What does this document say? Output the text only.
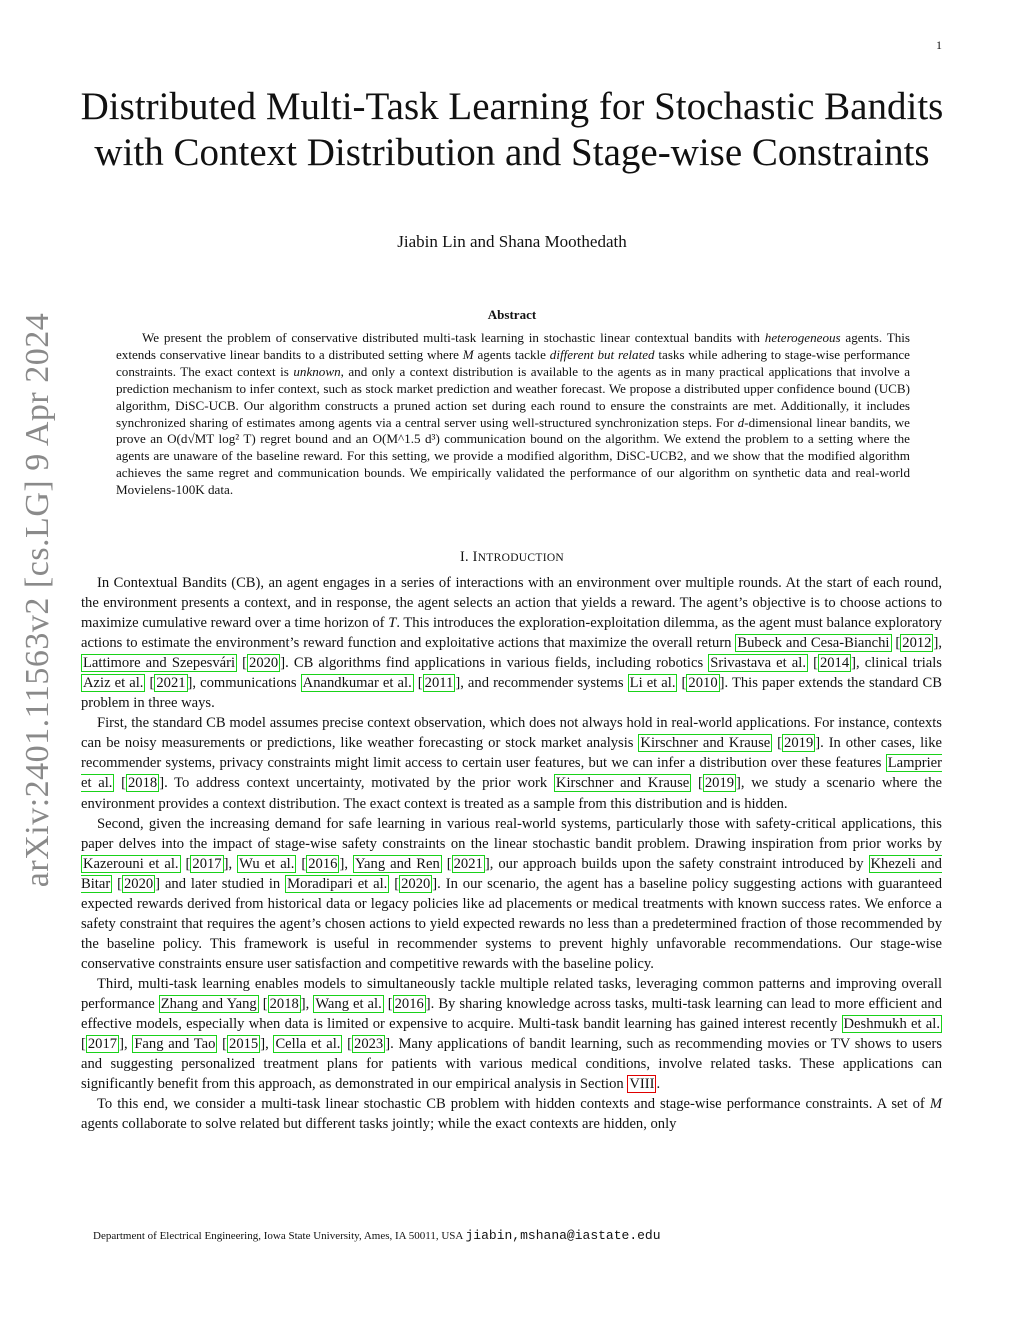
1
arXiv:2401.11563v2 [cs.LG] 9 Apr 2024
Distributed Multi-Task Learning for Stochastic Bandits with Context Distribution and Stage-wise Constraints
Jiabin Lin and Shana Moothedath
Abstract

We present the problem of conservative distributed multi-task learning in stochastic linear contextual bandits with heterogeneous agents. This extends conservative linear bandits to a distributed setting where M agents tackle different but related tasks while adhering to stage-wise performance constraints. The exact context is unknown, and only a context distribution is available to the agents as in many practical applications that involve a prediction mechanism to infer context, such as stock market prediction and weather forecast. We propose a distributed upper confidence bound (UCB) algorithm, DiSC-UCB. Our algorithm constructs a pruned action set during each round to ensure the constraints are met. Additionally, it includes synchronized sharing of estimates among agents via a central server using well-structured synchronization steps. For d-dimensional linear bandits, we prove an O(d√MT log² T) regret bound and an O(M^1.5 d³) communication bound on the algorithm. We extend the problem to a setting where the agents are unaware of the baseline reward. For this setting, we provide a modified algorithm, DiSC-UCB2, and we show that the modified algorithm achieves the same regret and communication bounds. We empirically validated the performance of our algorithm on synthetic data and real-world Movielens-100K data.

I. INTRODUCTION

In Contextual Bandits (CB), an agent engages in a series of interactions with an environment over multiple rounds. At the start of each round, the environment presents a context, and in response, the agent selects an action that yields a reward. The agent’s objective is to choose actions to maximize cumulative reward over a time horizon of T. This introduces the exploration-exploitation dilemma, as the agent must balance exploratory actions to estimate the environment’s reward function and exploitative actions that maximize the overall return Bubeck and Cesa-Bianchi [ 2012 ], Lattimore and Szepesvári [ 2020 ]. CB algorithms find applications in various fields, including robotics Srivastava et al. [ 2014 ], clinical trials Aziz et al. [ 2021 ], communications Anandkumar et al. [ 2011 ], and recommender systems Li et al. [ 2010 ]. This paper extends the standard CB problem in three ways.

First, the standard CB model assumes precise context observation, which does not always hold in real-world applications. For instance, contexts can be noisy measurements or predictions, like weather forecasting or stock market analysis Kirschner and Krause [ 2019 ]. In other cases, like recommender systems, privacy constraints might limit access to certain user features, but we can infer a distribution over these features Lamprier et al. [ 2018 ]. To address context uncertainty, motivated by the prior work Kirschner and Krause [ 2019 ], we study a scenario where the environment provides a context distribution. The exact context is treated as a sample from this distribution and is hidden.

Second, given the increasing demand for safe learning in various real-world systems, particularly those with safety-critical applications, this paper delves into the impact of stage-wise safety constraints on the linear stochastic bandit problem. Drawing inspiration from prior works by Kazerouni et al. [ 2017 ], Wu et al. [ 2016 ], Yang and Ren [ 2021 ], our approach builds upon the safety constraint introduced by Khezeli and Bitar [ 2020 ] and later studied in Moradipari et al. [ 2020 ]. In our scenario, the agent has a baseline policy suggesting actions with guaranteed expected rewards derived from historical data or legacy policies like ad placements or medical treatments with known success rates. We enforce a safety constraint that requires the agent’s chosen actions to yield expected rewards no less than a predetermined fraction of those recommended by the baseline policy. This framework is useful in recommender systems to prevent highly unfavorable recommendations. Our stage-wise conservative constraints ensure user satisfaction and competitive rewards with the baseline policy.

Third, multi-task learning enables models to simultaneously tackle multiple related tasks, leveraging common patterns and improving overall performance Zhang and Yang [ 2018 ], Wang et al. [ 2016 ]. By sharing knowledge across tasks, multi-task learning can lead to more efficient and effective models, especially when data is limited or expensive to acquire. Multi-task bandit learning has gained interest recently Deshmukh et al. [ 2017 ], Fang and Tao [ 2015 ], Cella et al. [ 2023 ]. Many applications of bandit learning, such as recommending movies or TV shows to users and suggesting personalized treatment plans for patients with various medical conditions, involve related tasks. These applications can significantly benefit from this approach, as demonstrated in our empirical analysis in Section VIII .

To this end, we consider a multi-task linear stochastic CB problem with hidden contexts and stage-wise performance constraints. A set of M agents collaborate to solve related but different tasks jointly; while the exact contexts are hidden, only

Department of Electrical Engineering, Iowa State University, Ames, IA 50011, USA jiabin,mshana@iastate.edu
